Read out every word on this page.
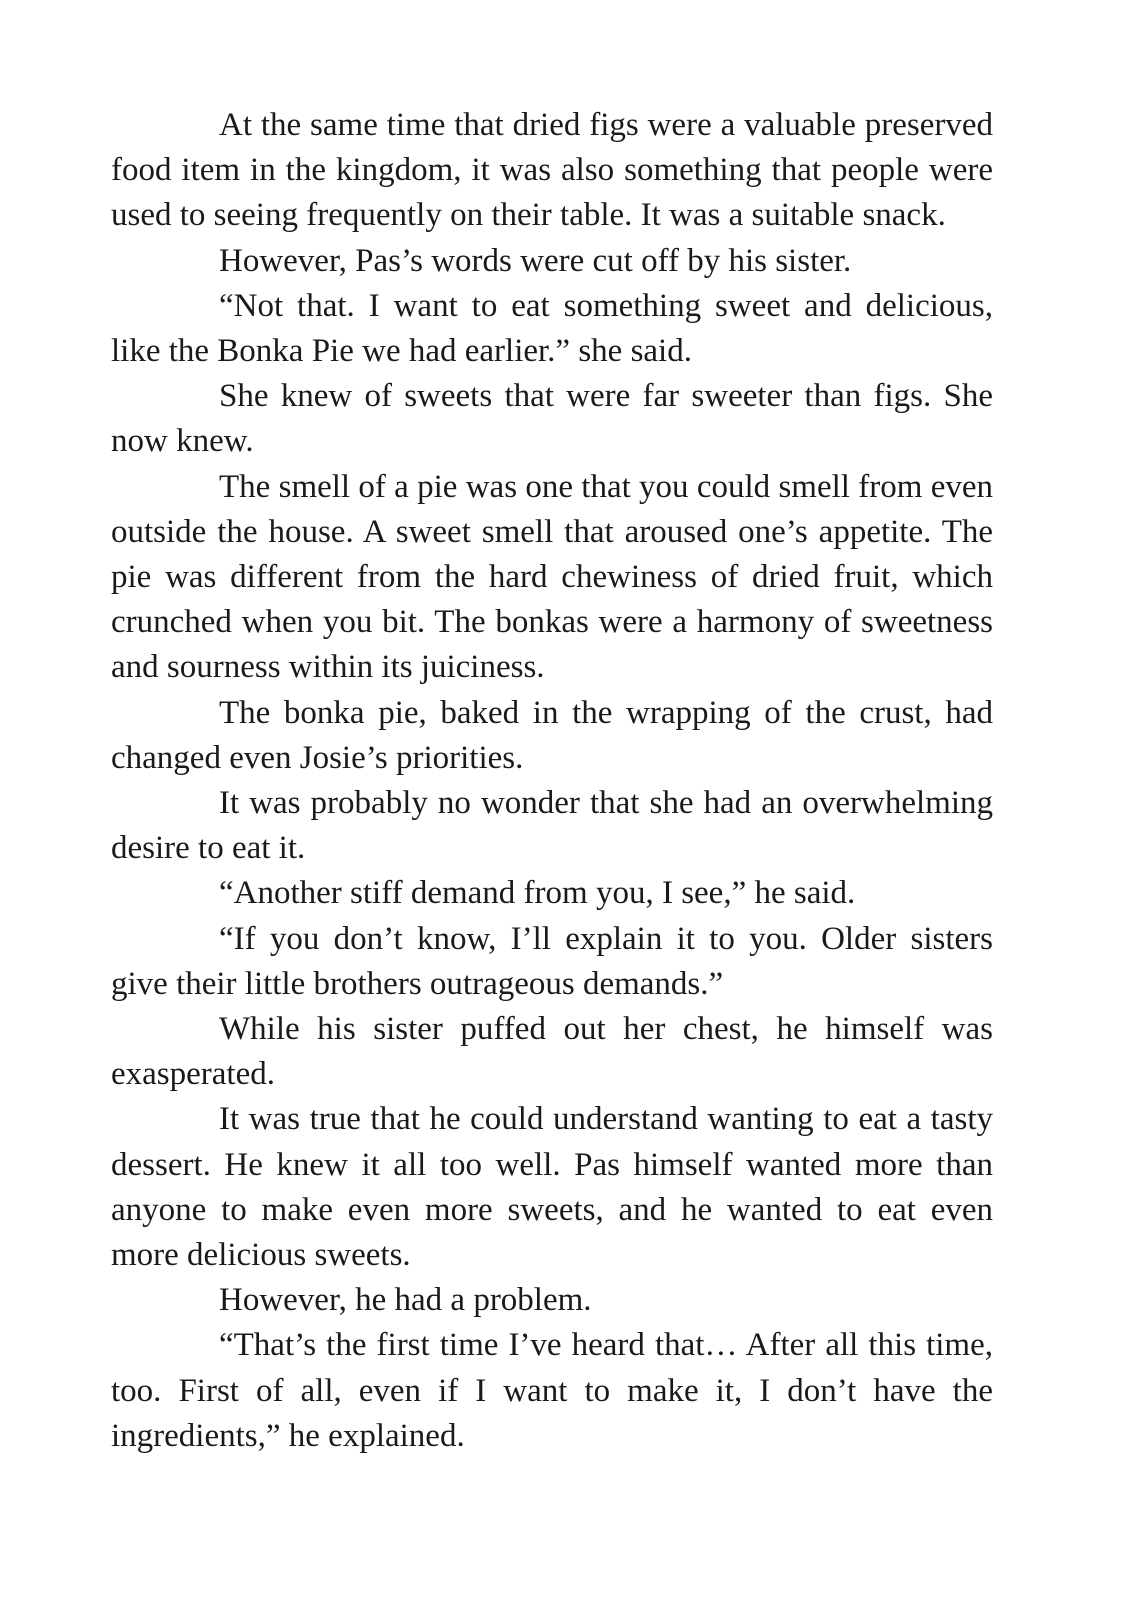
At the same time that dried figs were a valuable preserved food item in the kingdom, it was also something that people were used to seeing frequently on their table. It was a suitable snack.

However, Pas’s words were cut off by his sister.

“Not that. I want to eat something sweet and delicious, like the Bonka Pie we had earlier.” she said.

She knew of sweets that were far sweeter than figs. She now knew.

The smell of a pie was one that you could smell from even outside the house. A sweet smell that aroused one’s appetite. The pie was different from the hard chewiness of dried fruit, which crunched when you bit. The bonkas were a harmony of sweetness and sourness within its juiciness.

The bonka pie, baked in the wrapping of the crust, had changed even Josie’s priorities.

It was probably no wonder that she had an overwhelming desire to eat it.

“Another stiff demand from you, I see,” he said.

“If you don’t know, I’ll explain it to you. Older sisters give their little brothers outrageous demands.”

While his sister puffed out her chest, he himself was exasperated.

It was true that he could understand wanting to eat a tasty dessert. He knew it all too well. Pas himself wanted more than anyone to make even more sweets, and he wanted to eat even more delicious sweets.

However, he had a problem.

“That’s the first time I’ve heard that… After all this time, too. First of all, even if I want to make it, I don’t have the ingredients,” he explained.
